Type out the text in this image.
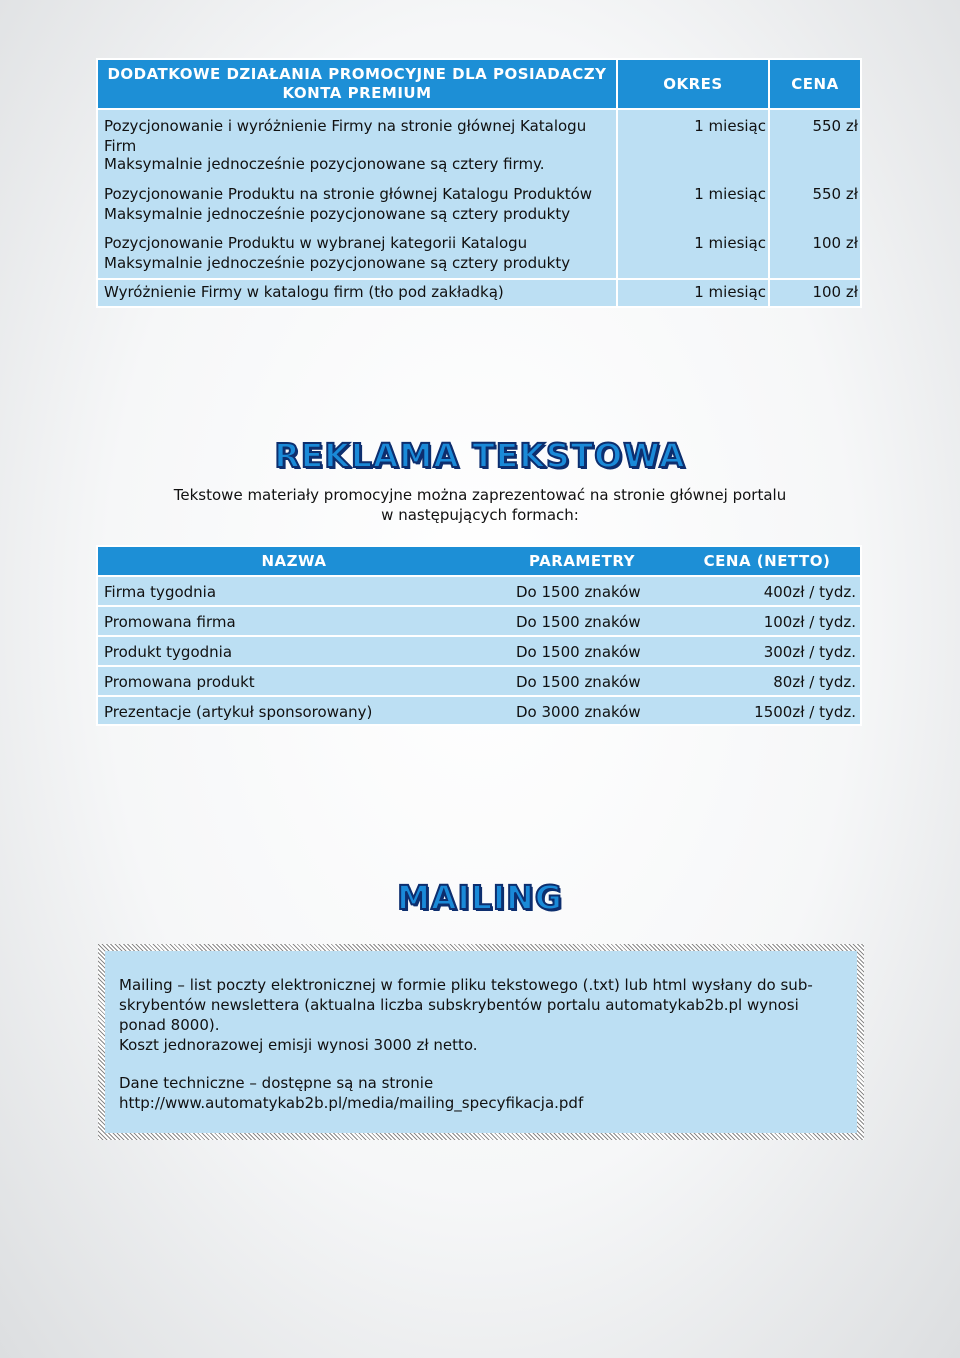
DODATKOWE DZIAŁANIA PROMOCYJNE DLA POSIADACZY
KONTA PREMIUM	OKRES	CENA
Pozycjonowanie i wyróżnienie Firmy na stronie głównej Katalogu
Firm
Maksymalnie jednocześnie pozycjonowane są cztery firmy.
1 miesiąc	550 zł
Pozycjonowanie Produktu na stronie głównej Katalogu Produktów
Maksymalnie jednocześnie pozycjonowane są cztery produkty
1 miesiąc	550 zł
Pozycjonowanie Produktu w wybranej kategorii Katalogu
Maksymalnie jednocześnie pozycjonowane są cztery produkty
1 miesiąc	100 zł
Wyróżnienie Firmy w katalogu firm (tło pod zakładką)	1 miesiąc	100 zł
REKLAMA TEKSTOWA
Tekstowe materiały promocyjne można zaprezentować na stronie głównej portalu
w następujących formach:
NAZWA	PARAMETRY	CENA (NETTO)
Firma tygodnia	Do 1500 znaków	400zł / tydz.
Promowana firma	Do 1500 znaków	100zł / tydz.
Produkt tygodnia	Do 1500 znaków	300zł / tydz.
Promowana produkt	Do 1500 znaków	80zł / tydz.
Prezentacje (artykuł sponsorowany)	Do 3000 znaków	1500zł / tydz.
MAILING

Mailing – list poczty elektronicznej w formie pliku tekstowego (.txt) lub html wysłany do sub-

skrybentów newslettera (aktualna liczba subskrybentów portalu automatykab2b.pl wynosi

ponad 8000).

Koszt jednorazowej emisji wynosi 3000 zł netto.

Dane techniczne – dostępne są na stronie

http://www.automatykab2b.pl/media/mailing_specyfikacja.pdf
